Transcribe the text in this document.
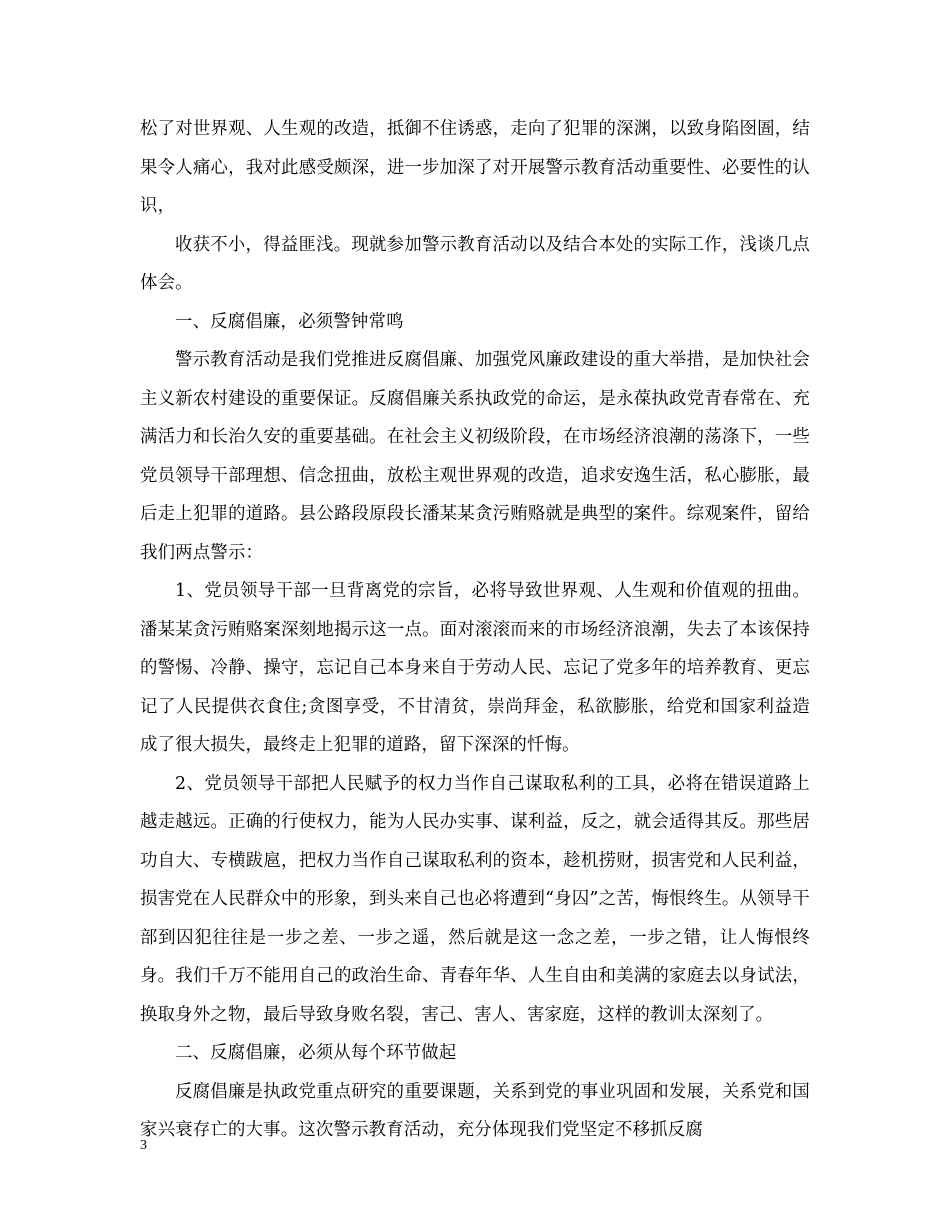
松了对世界观、人生观的改造，抵御不住诱惑，走向了犯罪的深渊，以致身陷囹圄，结果令人痛心，我对此感受颇深，进一步加深了对开展警示教育活动重要性、必要性的认识，

收获不小，得益匪浅。现就参加警示教育活动以及结合本处的实际工作，浅谈几点体会。

一、反腐倡廉，必须警钟常鸣

警示教育活动是我们党推进反腐倡廉、加强党风廉政建设的重大举措，是加快社会主义新农村建设的重要保证。反腐倡廉关系执政党的命运，是永葆执政党青春常在、充满活力和长治久安的重要基础。在社会主义初级阶段，在市场经济浪潮的荡涤下，一些党员领导干部理想、信念扭曲，放松主观世界观的改造，追求安逸生活，私心膨胀，最后走上犯罪的道路。县公路段原段长潘某某贪污贿赂就是典型的案件。综观案件，留给我们两点警示：

1、党员领导干部一旦背离党的宗旨，必将导致世界观、人生观和价值观的扭曲。潘某某贪污贿赂案深刻地揭示这一点。面对滚滚而来的市场经济浪潮，失去了本该保持的警惕、冷静、操守，忘记自己本身来自于劳动人民、忘记了党多年的培养教育、更忘记了人民提供衣食住;贪图享受，不甘清贫，崇尚拜金，私欲膨胀，给党和国家利益造成了很大损失，最终走上犯罪的道路，留下深深的忏悔。

2、党员领导干部把人民赋予的权力当作自己谋取私利的工具，必将在错误道路上越走越远。正确的行使权力，能为人民办实事、谋利益，反之，就会适得其反。那些居功自大、专横跋扈，把权力当作自己谋取私利的资本，趁机捞财，损害党和人民利益，损害党在人民群众中的形象，到头来自己也必将遭到“身囚”之苦，悔恨终生。从领导干部到囚犯往往是一步之差、一步之遥，然后就是这一念之差，一步之错，让人悔恨终身。我们千万不能用自己的政治生命、青春年华、人生自由和美满的家庭去以身试法，换取身外之物，最后导致身败名裂，害己、害人、害家庭，这样的教训太深刻了。

二、反腐倡廉，必须从每个环节做起

反腐倡廉是执政党重点研究的重要课题，关系到党的事业巩固和发展，关系党和国家兴衰存亡的大事。这次警示教育活动，充分体现我们党坚定不移抓反腐

3
